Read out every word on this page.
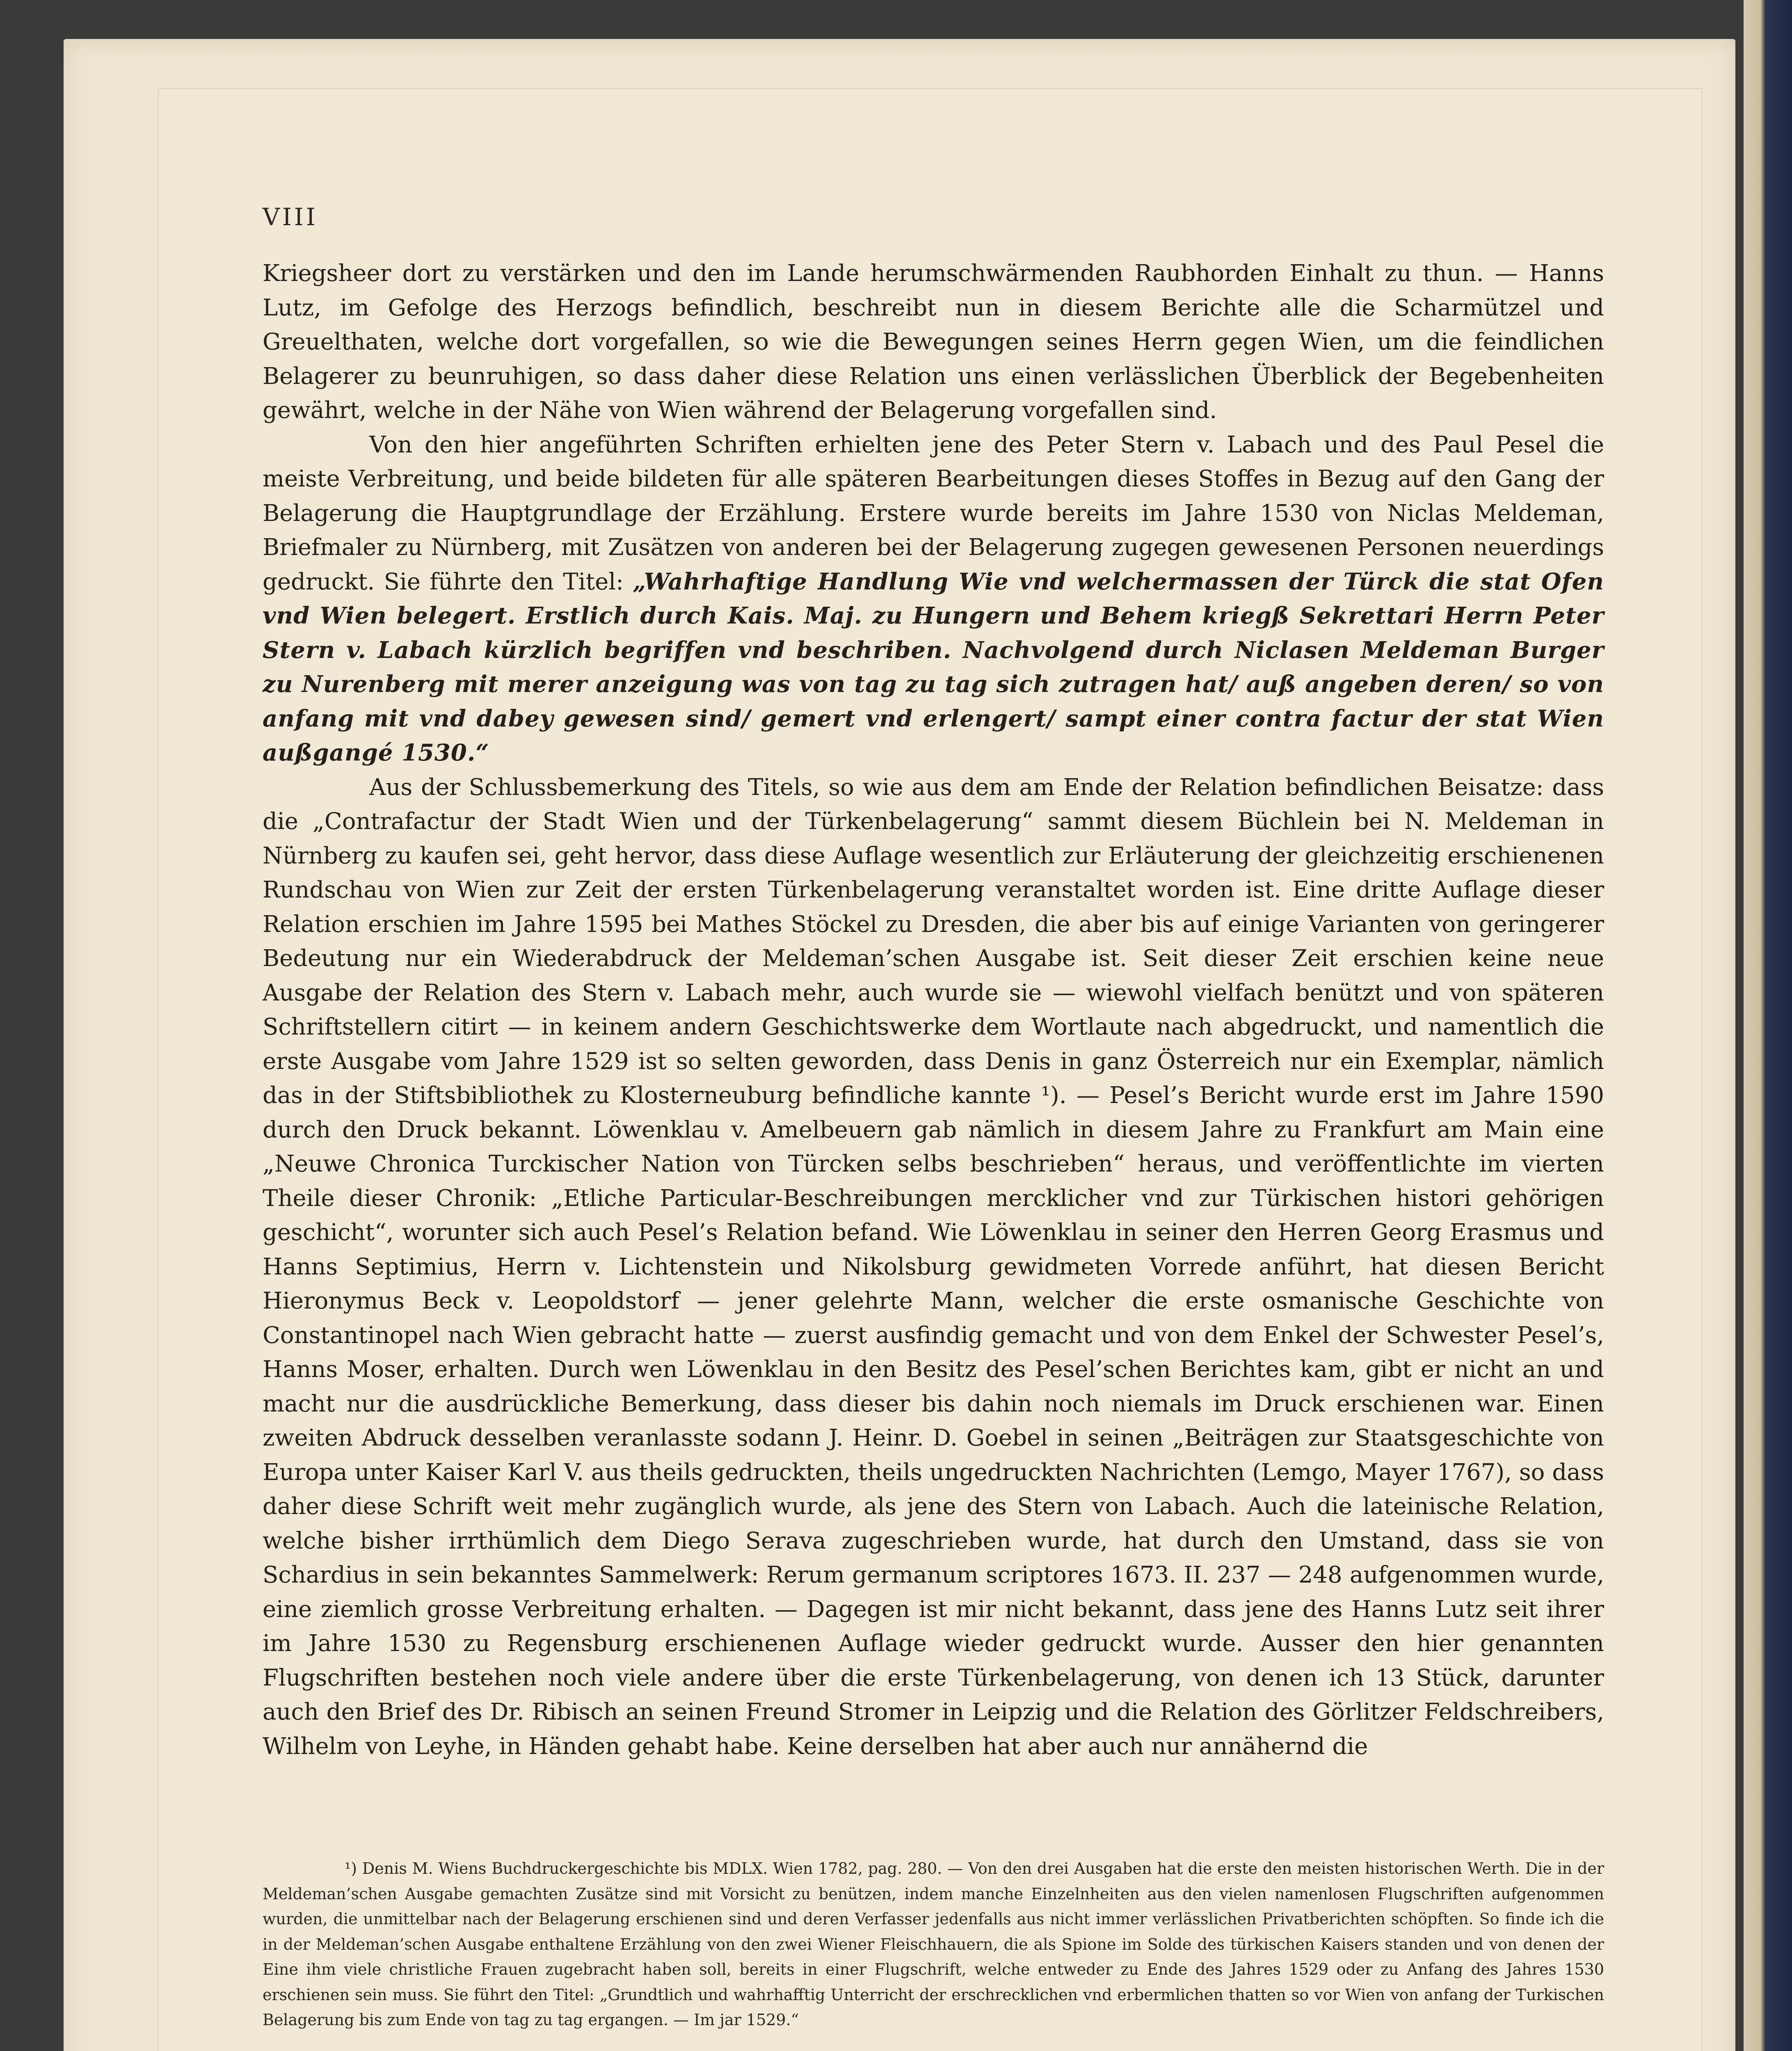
VIII

Kriegsheer dort zu verstärken und den im Lande herumschwärmenden Raubhorden Einhalt zu thun. — Hanns Lutz, im Gefolge des Herzogs befindlich, beschreibt nun in diesem Berichte alle die Scharmützel und Greuelthaten, welche dort vorgefallen, so wie die Bewegungen seines Herrn gegen Wien, um die feindlichen Belagerer zu beunruhigen, so dass daher diese Relation uns einen verlässlichen Überblick der Begebenheiten gewährt, welche in der Nähe von Wien während der Belagerung vorgefallen sind.

Von den hier angeführten Schriften erhielten jene des Peter Stern v. Labach und des Paul Pesel die meiste Verbreitung, und beide bildeten für alle späteren Bearbeitungen dieses Stoffes in Bezug auf den Gang der Belagerung die Hauptgrundlage der Erzählung. Erstere wurde bereits im Jahre 1530 von Niclas Meldeman, Briefmaler zu Nürnberg, mit Zusätzen von anderen bei der Belagerung zugegen gewesenen Personen neuerdings gedruckt. Sie führte den Titel: „Wahrhaftige Handlung Wie vnd welchermassen der Türck die stat Ofen vnd Wien belegert. Erstlich durch Kais. Maj. zu Hungern und Behem kriegß Sekrettari Herrn Peter Stern v. Labach kürzlich begriffen vnd beschriben. Nachvolgend durch Niclasen Meldeman Burger zu Nurenberg mit merer anzeigung was von tag zu tag sich zutragen hat/ auß angeben deren/ so von anfang mit vnd dabey gewesen sind/ gemert vnd erlengert/ sampt einer contra factur der stat Wien außgangé 1530.“

Aus der Schlussbemerkung des Titels, so wie aus dem am Ende der Relation befindlichen Beisatze: dass die „Contrafactur der Stadt Wien und der Türkenbelagerung“ sammt diesem Büchlein bei N. Meldeman in Nürnberg zu kaufen sei, geht hervor, dass diese Auflage wesentlich zur Erläuterung der gleichzeitig erschienenen Rundschau von Wien zur Zeit der ersten Türkenbelagerung veranstaltet worden ist. Eine dritte Auflage dieser Relation erschien im Jahre 1595 bei Mathes Stöckel zu Dresden, die aber bis auf einige Varianten von geringerer Bedeutung nur ein Wiederabdruck der Meldeman’schen Ausgabe ist. Seit dieser Zeit erschien keine neue Ausgabe der Relation des Stern v. Labach mehr, auch wurde sie — wiewohl vielfach benützt und von späteren Schriftstellern citirt — in keinem andern Geschichtswerke dem Wortlaute nach abgedruckt, und namentlich die erste Ausgabe vom Jahre 1529 ist so selten geworden, dass Denis in ganz Österreich nur ein Exemplar, nämlich das in der Stiftsbibliothek zu Klosterneuburg befindliche kannte ¹). — Pesel’s Bericht wurde erst im Jahre 1590 durch den Druck bekannt. Löwenklau v. Amelbeuern gab nämlich in diesem Jahre zu Frankfurt am Main eine „Neuwe Chronica Turckischer Nation von Türcken selbs beschrieben“ heraus, und veröffentlichte im vierten Theile dieser Chronik: „Etliche Particular-Beschreibungen mercklicher vnd zur Türkischen histori gehörigen geschicht“, worunter sich auch Pesel’s Relation befand. Wie Löwenklau in seiner den Herren Georg Erasmus und Hanns Septimius, Herrn v. Lichtenstein und Nikolsburg gewidmeten Vorrede anführt, hat diesen Bericht Hieronymus Beck v. Leopoldstorf — jener gelehrte Mann, welcher die erste osmanische Geschichte von Constantinopel nach Wien gebracht hatte — zuerst ausfindig gemacht und von dem Enkel der Schwester Pesel’s, Hanns Moser, erhalten. Durch wen Löwenklau in den Besitz des Pesel’schen Berichtes kam, gibt er nicht an und macht nur die ausdrückliche Bemerkung, dass dieser bis dahin noch niemals im Druck erschienen war. Einen zweiten Abdruck desselben veranlasste sodann J. Heinr. D. Goebel in seinen „Beiträgen zur Staatsgeschichte von Europa unter Kaiser Karl V. aus theils gedruckten, theils ungedruckten Nachrichten (Lemgo, Mayer 1767), so dass daher diese Schrift weit mehr zugänglich wurde, als jene des Stern von Labach. Auch die lateinische Relation, welche bisher irrthümlich dem Diego Serava zugeschrieben wurde, hat durch den Umstand, dass sie von Schardius in sein bekanntes Sammelwerk: Rerum germanum scriptores 1673. II. 237 — 248 aufgenommen wurde, eine ziemlich grosse Verbreitung erhalten. — Dagegen ist mir nicht bekannt, dass jene des Hanns Lutz seit ihrer im Jahre 1530 zu Regensburg erschienenen Auflage wieder gedruckt wurde. Ausser den hier genannten Flugschriften bestehen noch viele andere über die erste Türkenbelagerung, von denen ich 13 Stück, darunter auch den Brief des Dr. Ribisch an seinen Freund Stromer in Leipzig und die Relation des Görlitzer Feldschreibers, Wilhelm von Leyhe, in Händen gehabt habe. Keine derselben hat aber auch nur annähernd die

¹) Denis M. Wiens Buchdruckergeschichte bis MDLX. Wien 1782, pag. 280. — Von den drei Ausgaben hat die erste den meisten historischen Werth. Die in der Meldeman’schen Ausgabe gemachten Zusätze sind mit Vorsicht zu benützen, indem manche Einzelnheiten aus den vielen namenlosen Flugschriften aufgenommen wurden, die unmittelbar nach der Belagerung erschienen sind und deren Verfasser jedenfalls aus nicht immer verlässlichen Privatberichten schöpften. So finde ich die in der Meldeman’schen Ausgabe enthaltene Erzählung von den zwei Wiener Fleischhauern, die als Spione im Solde des türkischen Kaisers standen und von denen der Eine ihm viele christliche Frauen zugebracht haben soll, bereits in einer Flugschrift, welche entweder zu Ende des Jahres 1529 oder zu Anfang des Jahres 1530 erschienen sein muss. Sie führt den Titel: „Grundtlich und wahrhafftig Unterricht der erschrecklichen vnd erbermlichen thatten so vor Wien von anfang der Turkischen Belagerung bis zum Ende von tag zu tag ergangen. — Im jar 1529.“
